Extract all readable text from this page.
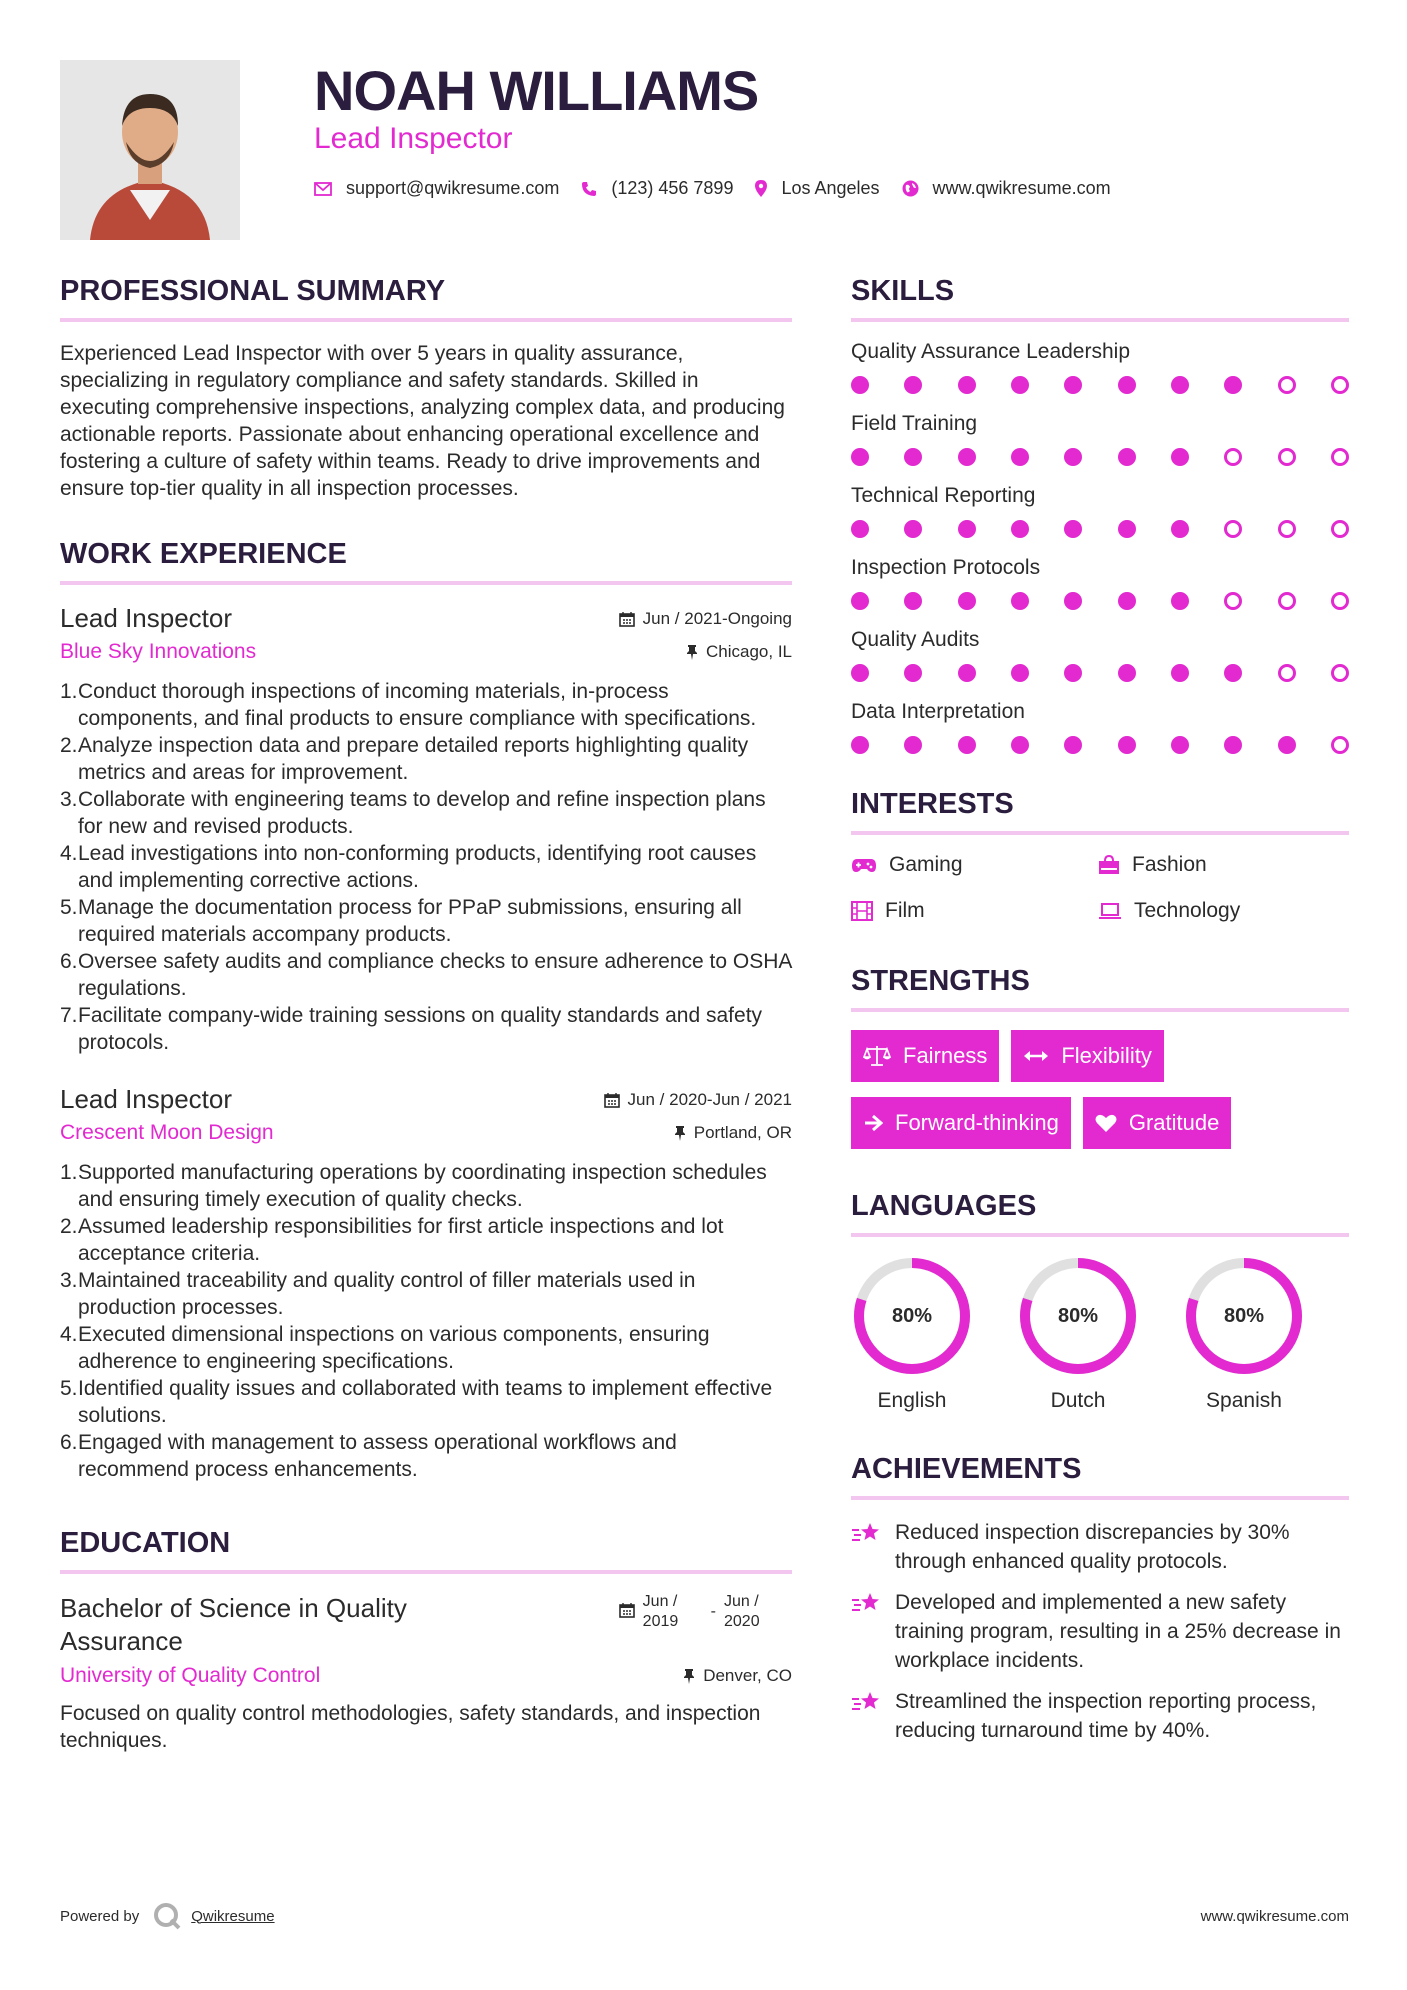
NOAH WILLIAMS
Lead Inspector
support@qwikresume.com	(123) 456 7899	Los Angeles	www.qwikresume.com
PROFESSIONAL SUMMARY

Experienced Lead Inspector with over 5 years in quality assurance, specializing in regulatory compliance and safety standards. Skilled in executing comprehensive inspections, analyzing complex data, and producing actionable reports. Passionate about enhancing operational excellence and fostering a culture of safety within teams. Ready to drive improvements and ensure top-tier quality in all inspection processes.

WORK EXPERIENCE
Lead Inspector	Jun / 2021-Ongoing
Blue Sky Innovations	Chicago, IL
1. Conduct thorough inspections of incoming materials, in-process components, and final products to ensure compliance with specifications.
2. Analyze inspection data and prepare detailed reports highlighting quality metrics and areas for improvement.
3. Collaborate with engineering teams to develop and refine inspection plans for new and revised products.
4. Lead investigations into non-conforming products, identifying root causes and implementing corrective actions.
5. Manage the documentation process for PPaP submissions, ensuring all required materials accompany products.
6. Oversee safety audits and compliance checks to ensure adherence to OSHA regulations.
7. Facilitate company-wide training sessions on quality standards and safety protocols.
Lead Inspector	Jun / 2020-Jun / 2021
Crescent Moon Design	Portland, OR
1. Supported manufacturing operations by coordinating inspection schedules and ensuring timely execution of quality checks.
2. Assumed leadership responsibilities for first article inspections and lot acceptance criteria.
3. Maintained traceability and quality control of filler materials used in production processes.
4. Executed dimensional inspections on various components, ensuring adherence to engineering specifications.
5. Identified quality issues and collaborated with teams to implement effective solutions.
6. Engaged with management to assess operational workflows and recommend process enhancements.
EDUCATION
Bachelor of Science in Quality Assurance
Jun / 2019
-
Jun / 2020
University of Quality Control	Denver, CO

Focused on quality control methodologies, safety standards, and inspection techniques.

SKILLS
Quality Assurance Leadership
Field Training
Technical Reporting
Inspection Protocols
Quality Audits
Data Interpretation
INTERESTS
Gaming	Fashion
Film	Technology
STRENGTHS
Fairness	Flexibility
Forward-thinking	Gratitude
LANGUAGES
80%
English
80%
Dutch
80%
Spanish
ACHIEVEMENTS
Reduced inspection discrepancies by 30% through enhanced quality protocols.
Developed and implemented a new safety training program, resulting in a 25% decrease in workplace incidents.
Streamlined the inspection reporting process, reducing turnaround time by 40%.
Powered by	Qwikresume	www.qwikresume.com
